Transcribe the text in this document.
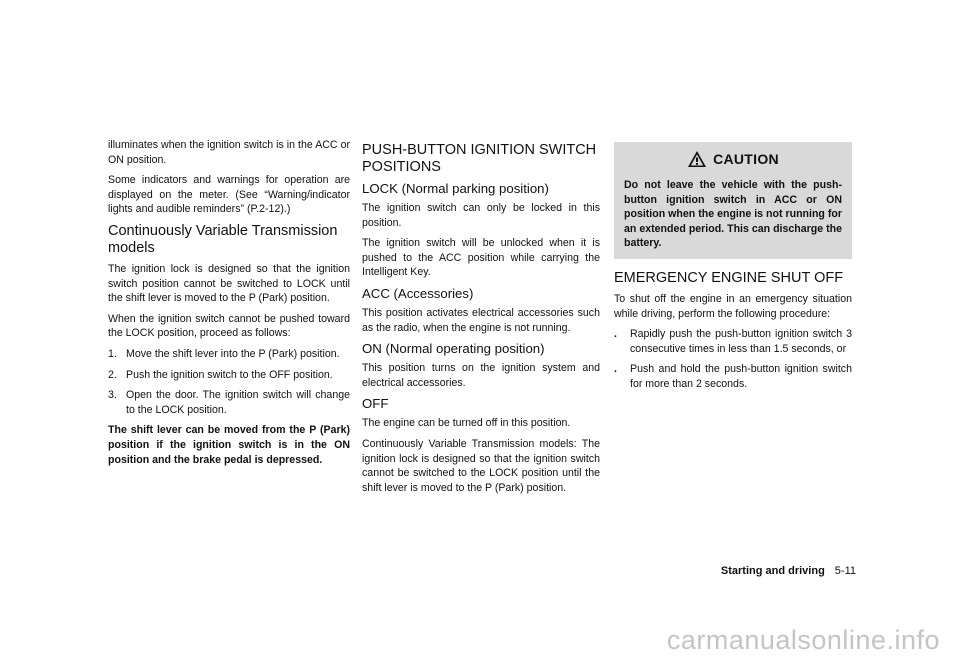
illuminates when the ignition switch is in the ACC or ON position.

Some indicators and warnings for operation are displayed on the meter. (See “Warning/indicator lights and audible reminders” (P.2-12).)

Continuously Variable Transmission models

The ignition lock is designed so that the ignition switch position cannot be switched to LOCK until the shift lever is moved to the P (Park) position.

When the ignition switch cannot be pushed toward the LOCK position, proceed as follows:

1. Move the shift lever into the P (Park) position.
2. Push the ignition switch to the OFF position.
3. Open the door. The ignition switch will change to the LOCK position.

The shift lever can be moved from the P (Park) position if the ignition switch is in the ON position and the brake pedal is depressed.

PUSH-BUTTON IGNITION SWITCH POSITIONS
LOCK (Normal parking position)

The ignition switch can only be locked in this position.

The ignition switch will be unlocked when it is pushed to the ACC position while carrying the Intelligent Key.

ACC (Accessories)

This position activates electrical accessories such as the radio, when the engine is not running.

ON (Normal operating position)

This position turns on the ignition system and electrical accessories.

OFF

The engine can be turned off in this position.

Continuously Variable Transmission models: The ignition lock is designed so that the ignition switch cannot be switched to the LOCK position until the shift lever is moved to the P (Park) position.

CAUTION
Do not leave the vehicle with the push-button ignition switch in ACC or ON position when the engine is not running for an extended period. This can discharge the battery.
EMERGENCY ENGINE SHUT OFF

To shut off the engine in an emergency situation while driving, perform the following procedure:

.	Rapidly push the push-button ignition switch 3 consecutive times in less than 1.5 seconds, or
.	Push and hold the push-button ignition switch for more than 2 seconds.
Starting and driving 5-11
carmanualsonline.info
